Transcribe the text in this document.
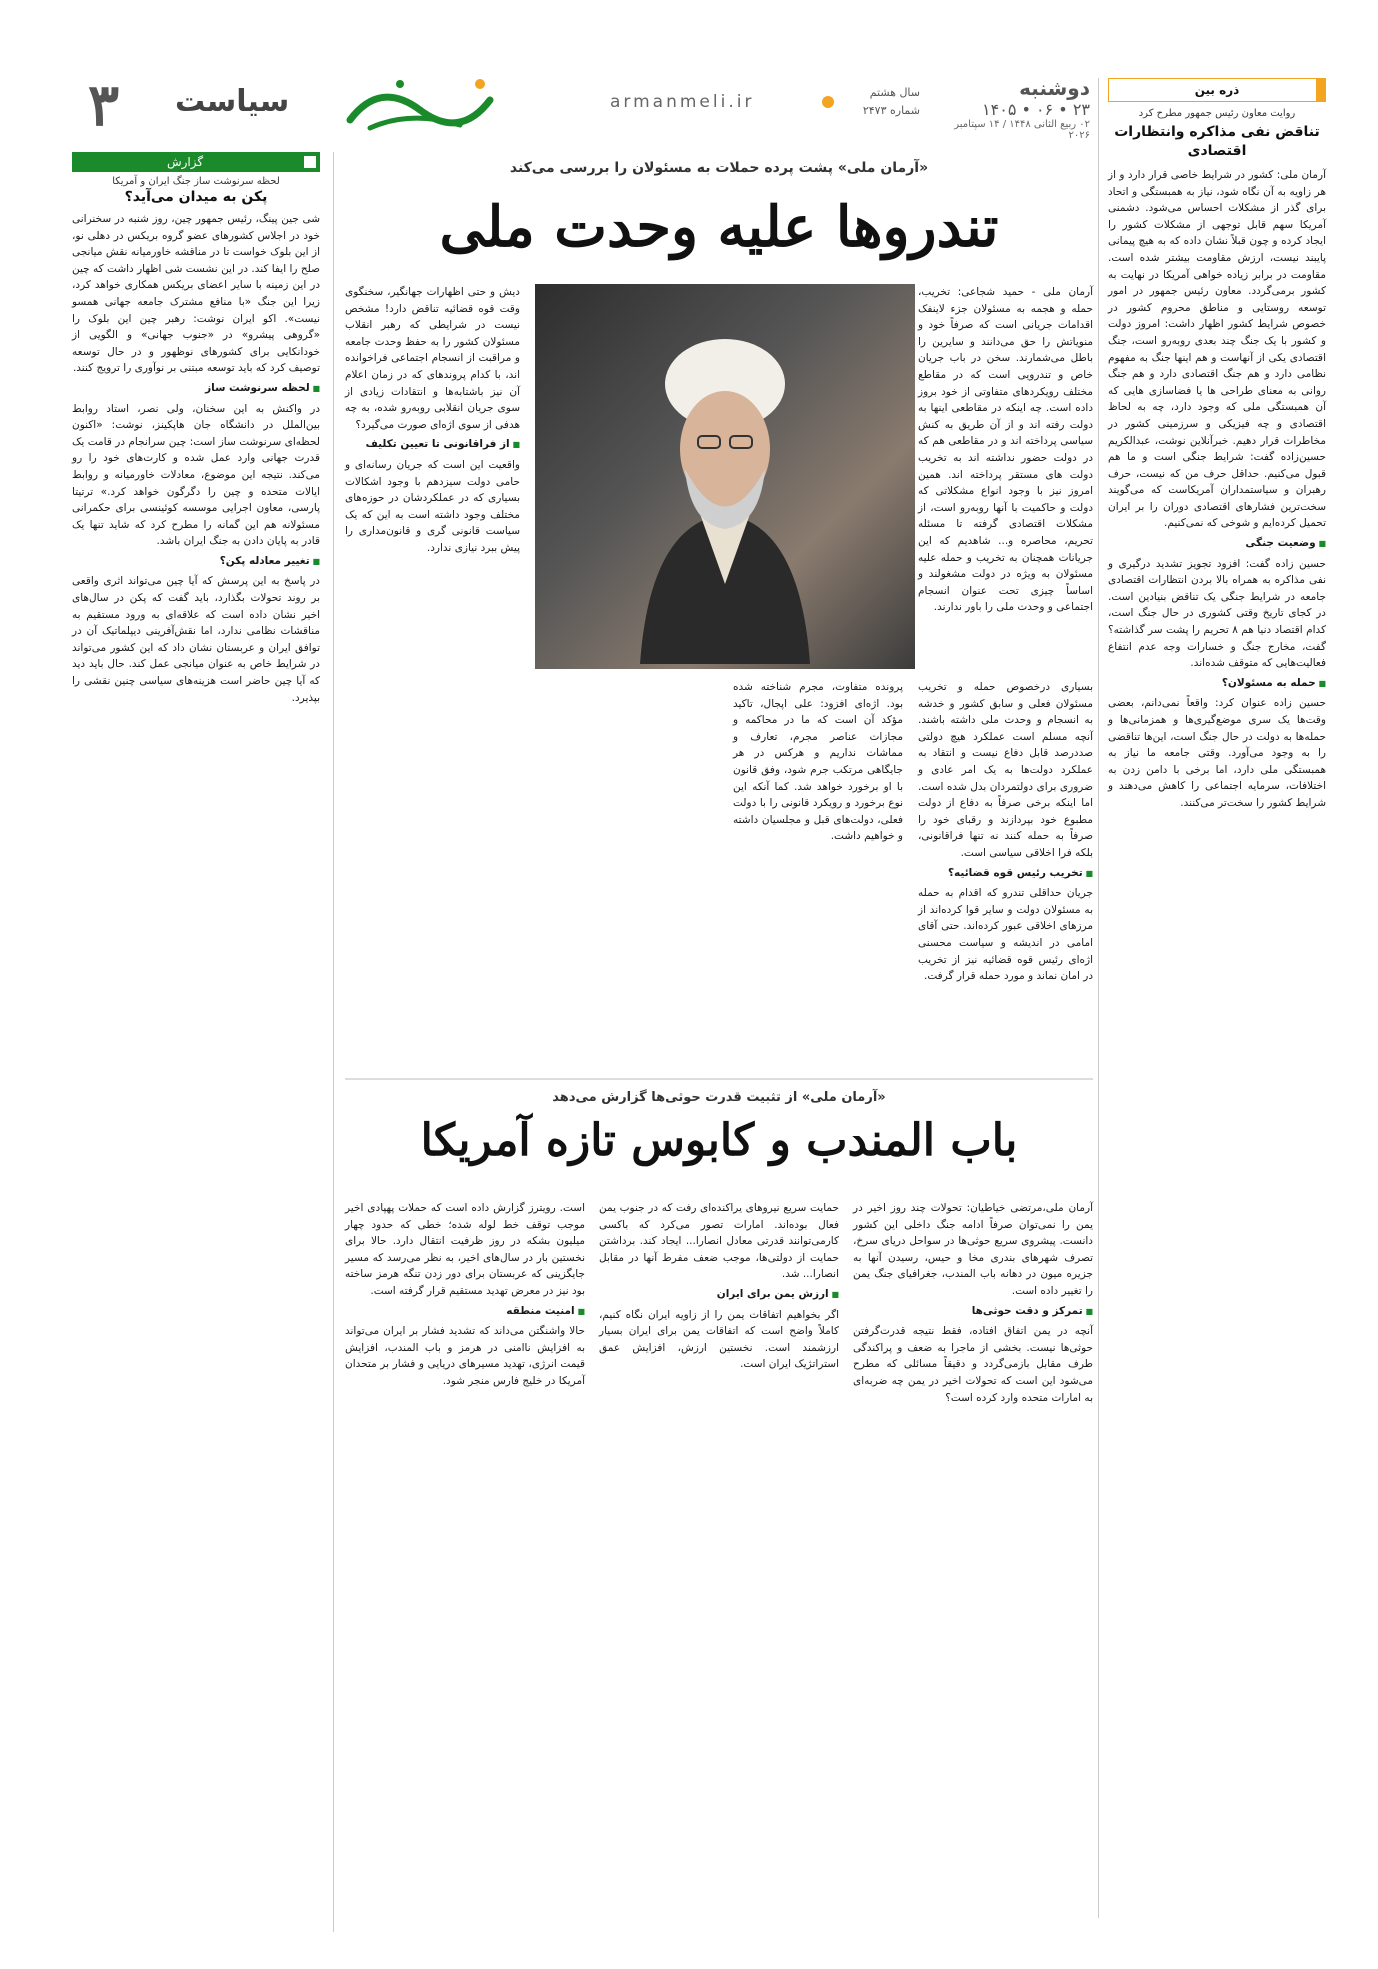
۳ سیاست	armanmeli.ir	سال هشتم
شماره ۲۴۷۳
دوشنبه
۲۳ • ۰۶ • ۱۴۰۵
۰۲ ربیع الثانی ۱۴۴۸ / ۱۴ سپتامبر ۲۰۲۶
ذره بین
روایت معاون رئیس جمهور مطرح کرد
تناقض نفی مذاکره وانتظارات اقتصادی

آرمان ملی: کشور در شرایط خاصی قرار دارد و از هر زاویه به آن نگاه شود، نیاز به همبستگی و اتحاد برای گذر از مشکلات احساس می‌شود. دشمنی آمریکا سهم قابل توجهی از مشکلات کشور را ایجاد کرده و چون قبلاً نشان داده که به هیچ پیمانی پایبند نیست، ارزش مقاومت بیشتر شده است. مقاومت در برابر زیاده خواهی آمریکا در نهایت به کشور برمی‌گردد. معاون رئیس جمهور در امور توسعه روستایی و مناطق محروم کشور در خصوص شرایط کشور اظهار داشت: امروز دولت و کشور با یک جنگ چند بعدی روبه‌رو است، جنگ اقتصادی یکی از آنهاست و هم اینها جنگ به مفهوم نظامی دارد و هم جنگ اقتصادی دارد و هم جنگ روانی به معنای طراحی ها یا فضاسازی هایی که آن همبستگی ملی که وجود دارد، چه به لحاظ اقتصادی و چه فیزیکی و سرزمینی کشور در مخاطرات قرار دهیم. خبرآنلاین نوشت، عبدالکریم حسین‌زاده گفت: شرایط جنگی است و ما هم قبول می‌کنیم. حداقل حرف من که نیست، حرف رهبران و سیاستمداران آمریکاست که می‌گویند سخت‌ترین فشارهای اقتصادی دوران را بر ایران تحمیل کرده‌ایم و شوخی که نمی‌کنیم.

■ وضعیت جنگی

حسین زاده گفت: افزود تجویز تشدید درگیری و نفی مذاکره به همراه بالا بردن انتظارات اقتصادی جامعه در شرایط جنگی یک تناقض بنیادین است. در کجای تاریخ وقتی کشوری در حال جنگ است، کدام اقتصاد دنیا هم ۸ تحریم را پشت سر گذاشته؟ گفت، مخارج جنگ و خسارات وجه عدم انتفاع فعالیت‌هایی که متوقف شده‌اند.

■ حمله به مسئولان؟

حسین زاده عنوان کرد: واقعاً نمی‌دانم، بعضی وقت‌ها یک سری موضع‌گیری‌ها و همزمانی‌ها و حمله‌ها به دولت در حال جنگ است، این‌ها تناقضی را به وجود می‌آورد. وقتی جامعه ما نیاز به همبستگی ملی دارد، اما برخی با دامن زدن به اختلافات، سرمایه اجتماعی را کاهش می‌دهند و شرایط کشور را سخت‌تر می‌کنند.

«آرمان ملی» پشت پرده حملات به مسئولان را بررسی می‌کند
تندروها علیه وحدت ملی

آرمان ملی - حمید شجاعی: تخریب، حمله و هجمه به مسئولان جزء لاینفک اقدامات جریانی است که صرفاً خود و منویاتش را حق می‌دانند و سایرین را باطل می‌شمارند. سخن در باب جریان خاص و تندرویی است که در مقاطع مختلف رویکردهای متفاوتی از خود بروز داده است. چه اینکه در مقاطعی اینها به دولت رفته اند و از آن طریق به کنش سیاسی پرداخته اند و در مقاطعی هم که در دولت حضور نداشته اند به تخریب دولت های مستقر پرداخته اند. همین امروز نیز با وجود انواع مشکلاتی که دولت و حاکمیت با آنها روبه‌رو است، از مشکلات اقتصادی گرفته تا مسئله تحریم، محاصره و... شاهدیم که این جریانات همچنان به تخریب و حمله علیه مسئولان به ویژه در دولت مشغولند و اساساً چیزی تحت عنوان انسجام اجتماعی و وحدت ملی را باور ندارند.

بسیاری درخصوص حمله و تخریب مسئولان فعلی و سابق کشور و خدشه به انسجام و وحدت ملی داشته باشند. آنچه مسلم است عملکرد هیچ دولتی صددرصد قابل دفاع نیست و انتقاد به عملکرد دولت‌ها به یک امر عادی و ضروری برای دولتمردان بدل شده است. اما اینکه برخی صرفاً به دفاع از دولت مطبوع خود بپردازند و رقبای خود را صرفاً به حمله کنند نه تنها فراقانونی، بلکه فرا اخلاقی سیاسی است.

■ تخریب رئیس قوه قضائیه؟

جریان حداقلی تندرو که اقدام به حمله به مسئولان دولت و سایر قوا کرده‌اند از مرزهای اخلاقی عبور کرده‌اند. حتی آقای امامی در اندیشه و سیاست محسنی اژه‌ای رئیس قوه قضائیه نیز از تخریب در امان نماند و مورد حمله قرار گرفت.

پرونده متفاوت، مجرم شناخته شده بود. اژه‌ای افزود: علی اپجال، تاکید مؤکد آن است که ما در محاکمه و مجازات عناصر مجرم، تعارف و مماشات نداریم و هرکس در هر جایگاهی مرتکب جرم شود، وفق قانون با او برخورد خواهد شد. کما آنکه این نوع برخورد و رویکرد قانونی را با دولت فعلی، دولت‌های قبل و مجلسیان داشته و خواهیم داشت.

دیش و حتی اظهارات جهانگیر، سخنگوی وقت قوه قضائیه تناقض دارد! مشخص نیست در شرایطی که رهبر انقلاب مسئولان کشور را به حفظ وحدت جامعه و مراقبت از انسجام اجتماعی فراخوانده اند، با کدام پروندهای که در زمان اعلام آن نیز باشتابه‌ها و انتقادات زیادی از سوی جریان انقلابی روبه‌رو شده، به چه هدفی از سوی اژه‌ای صورت می‌گیرد؟

■ از فراقانونی تا تعیین تکلیف

واقعیت این است که جریان رسانه‌ای و حامی دولت سیزدهم با وجود اشکالات بسیاری که در عملکردشان در حوزه‌های مختلف وجود داشته است به این که یک سیاست قانونی گری و قانون‌مداری را پیش ببرد نیازی ندارد.

«آرمان ملی» از تثبیت قدرت حوثی‌ها گزارش می‌دهد
باب المندب و کابوس تازه آمریکا

آرمان ملی،مرتضی خیاطیان: تحولات چند روز اخیر در یمن را نمی‌توان صرفاً ادامه جنگ داخلی این کشور دانست. پیشروی سریع حوثی‌ها در سواحل دریای سرخ، تصرف شهرهای بندری مخا و حیس، رسیدن آنها به جزیره میون در دهانه باب المندب، جغرافیای جنگ یمن را تغییر داده است.

■ تمرکز و دقت حوثی‌ها

آنچه در یمن اتفاق افتاده، فقط نتیجه قدرت‌گرفتن حوثی‌ها نیست. بخشی از ماجرا به ضعف و پراکندگی طرف مقابل بازمی‌گردد و دقیقاً مسائلی که مطرح می‌شود این است که تحولات اخیر در یمن چه ضربه‌ای به امارات متحده وارد کرده است؟

حمایت سریع نیروهای یراکنده‌ای رفت که در جنوب یمن فعال بوده‌اند. امارات تصور می‌کرد که باکسی کارمی‌توانند قدرتی معادل انصارا... ایجاد کند. برداشتن حمایت از دولتی‌ها، موجب ضعف مفرط آنها در مقابل انصارا... شد.

■ ارزش یمن برای ایران

اگر بخواهیم اتفاقات یمن را از زاویه ایران نگاه کنیم، کاملاً واضح است که اتفاقات یمن برای ایران بسیار ارزشمند است. نخستین ارزش، افزایش عمق استراتژیک ایران است.

است. رویترز گزارش داده است که حملات پهپادی اخیر موجب توقف خط لوله شده؛ خطی که حدود چهار میلیون بشکه در روز ظرفیت انتقال دارد. حالا برای نخستین بار در سال‌های اخیر، به نظر می‌رسد که مسیر جایگزینی که عربستان برای دور زدن تنگه هرمز ساخته بود نیز در معرض تهدید مستقیم قرار گرفته است.

■ امنیت منطقه

حالا واشنگتن می‌داند که تشدید فشار بر ایران می‌تواند به افزایش ناامنی در هرمز و باب المندب، افزایش قیمت انرژی، تهدید مسیرهای دریایی و فشار بر متحدان آمریکا در خلیج فارس منجر شود.

گزارش
لحظه سرنوشت ساز جنگ ایران و آمریکا
پکن به میدان می‌آید؟

شی جین پینگ، رئیس جمهور چین، روز شنبه در سخنرانی خود در اجلاس کشورهای عضو گروه بریکس در دهلی نو، از این بلوک خواست تا در مناقشه خاورمیانه نقش میانجی صلح را ایفا کند. در این نشست شی اظهار داشت که چین در این زمینه با سایر اعضای بریکس همکاری خواهد کرد، زیرا این جنگ «با منافع مشترک جامعه جهانی همسو نیست». اکو ایران نوشت: رهبر چین این بلوک را «گروهی پیشرو» در «جنوب جهانی» و الگویی از خودانکایی برای کشورهای نوظهور و در حال توسعه توصیف کرد که باید توسعه مبتنی بر نوآوری را ترویج کنند.

■ لحظه سرنوشت ساز

در واکنش به این سخنان، ولی نصر، استاد روابط بین‌الملل در دانشگاه جان هاپکینز، نوشت: «اکنون لحظه‌ای سرنوشت ساز است: چین سرانجام در قامت یک قدرت جهانی وارد عمل شده و کارت‌های خود را رو می‌کند. نتیجه این موضوع، معادلات خاورمیانه و روابط ایالات متحده و چین را دگرگون خواهد کرد.» ترتیتا پارسی، معاون اجرایی موسسه کوئینسی برای حکمرانی مسئولانه هم این گمانه را مطرح کرد که شاید تنها یک قادر به پایان دادن به جنگ ایران باشد.

■ تغییر معادله پکن؟

در پاسخ به این پرسش که آیا چین می‌تواند اثری واقعی بر روند تحولات بگذارد، باید گفت که پکن در سال‌های اخیر نشان داده است که علاقه‌ای به ورود مستقیم به مناقشات نظامی ندارد، اما نقش‌آفرینی دیپلماتیک آن در توافق ایران و عربستان نشان داد که این کشور می‌تواند در شرایط خاص به عنوان میانجی عمل کند. حال باید دید که آیا چین حاضر است هزینه‌های سیاسی چنین نقشی را بپذیرد.
